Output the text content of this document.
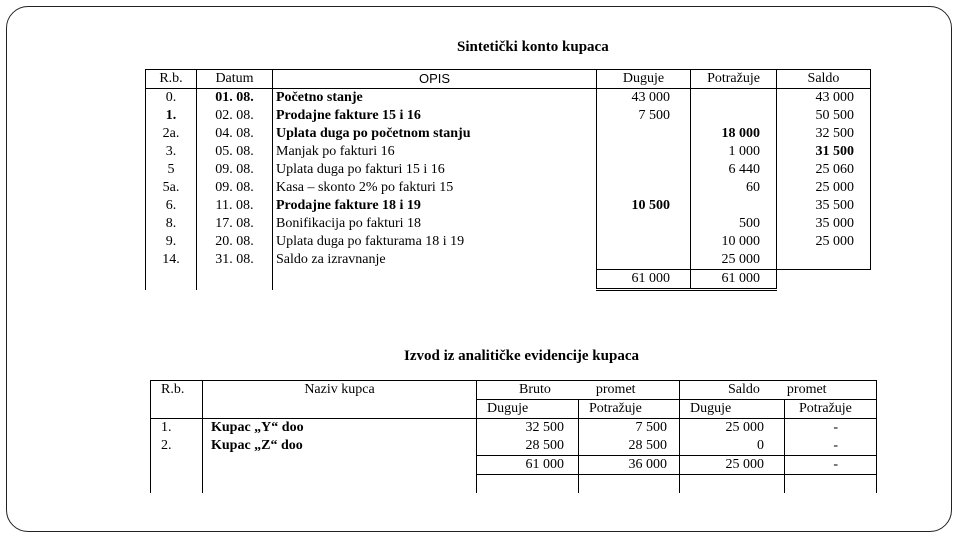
Sintetički konto kupaca
R.b.	Datum	OPIS	Duguje	Potražuje	Saldo
0.	01. 08.	Početno stanje	43 000		43 000
1.	02. 08.	Prodajne fakture 15 i 16	7 500		50 500
2a.	04. 08.	Uplata duga po početnom stanju		18 000	32 500
3.	05. 08.	Manjak po fakturi 16		1 000	31 500
5	09. 08.	Uplata duga po fakturi 15 i 16		6 440	25 060
5a.	09. 08.	Kasa – skonto 2% po fakturi 15		60	25 000
6.	11. 08.	Prodajne fakture 18 i 19	10 500		35 500
8.	17. 08.	Bonifikacija po fakturi 18		500	35 000
9.	20. 08.	Uplata duga po fakturama 18 i 19		10 000	25 000
14.	31. 08.	Saldo za izravnanje		25 000	
			61 000	61 000	
Izvod iz analitičke evidencije kupaca
R.b.	Naziv kupca	Bruto promet		Saldo promet	
		Duguje	Potražuje	Duguje	Potražuje
1.	Kupac „Y“ doo	32 500	7 500	25 000	-
2.	Kupac „Z“ doo	28 500	28 500	0	-
		61 000	36 000	25 000	-
